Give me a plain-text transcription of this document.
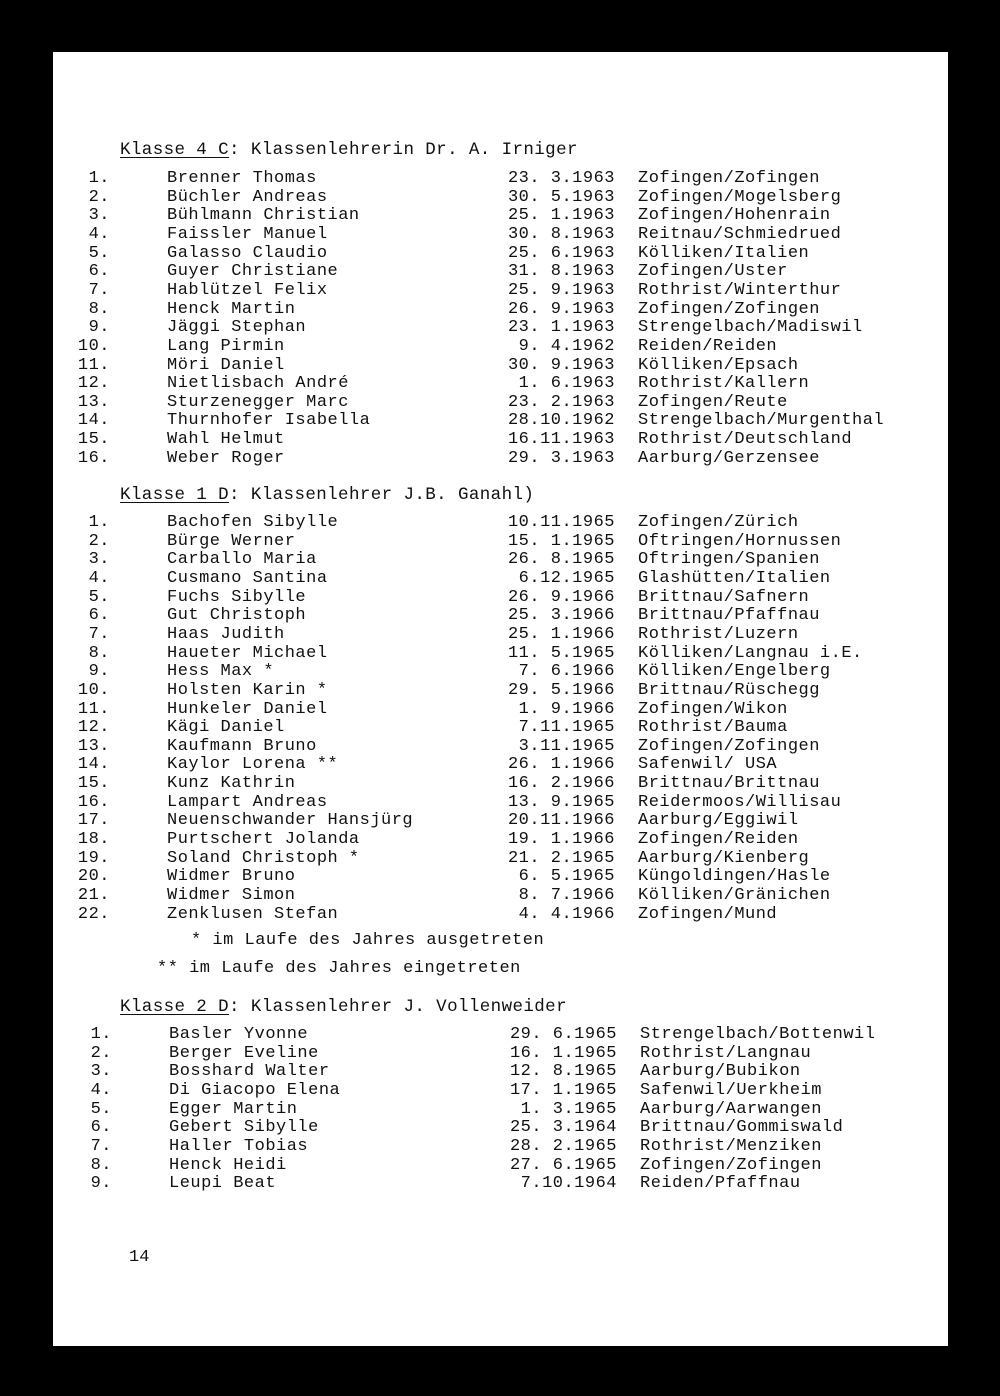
Klasse 4 C: Klassenlehrerin Dr. A. Irniger
1.	Brenner Thomas	23. 3.1963 Zofingen/Zofingen
2.	Büchler Andreas	30. 5.1963 Zofingen/Mogelsberg
3.	Bühlmann Christian	25. 1.1963 Zofingen/Hohenrain
4.	Faissler Manuel	30. 8.1963 Reitnau/Schmiedrued
5.	Galasso Claudio	25. 6.1963 Kölliken/Italien
6.	Guyer Christiane	31. 8.1963 Zofingen/Uster
7.	Hablützel Felix	25. 9.1963 Rothrist/Winterthur
8.	Henck Martin	26. 9.1963 Zofingen/Zofingen
9.	Jäggi Stephan	23. 1.1963 Strengelbach/Madiswil
10.	Lang Pirmin	9. 4.1962 Reiden/Reiden
11.	Möri Daniel	30. 9.1963 Kölliken/Epsach
12.	Nietlisbach André	1. 6.1963 Rothrist/Kallern
13.	Sturzenegger Marc	23. 2.1963 Zofingen/Reute
14.	Thurnhofer Isabella	28.10.1962 Strengelbach/Murgenthal
15.	Wahl Helmut	16.11.1963 Rothrist/Deutschland
16.	Weber Roger	29. 3.1963 Aarburg/Gerzensee
Klasse 1 D: Klassenlehrer J.B. Ganahl)
1.	Bachofen Sibylle	10.11.1965 Zofingen/Zürich
2.	Bürge Werner	15. 1.1965 Oftringen/Hornussen
3.	Carballo Maria	26. 8.1965 Oftringen/Spanien
4.	Cusmano Santina	6.12.1965 Glashütten/Italien
5.	Fuchs Sibylle	26. 9.1966 Brittnau/Safnern
6.	Gut Christoph	25. 3.1966 Brittnau/Pfaffnau
7.	Haas Judith	25. 1.1966 Rothrist/Luzern
8.	Haueter Michael	11. 5.1965 Kölliken/Langnau i.E.
9.	Hess Max *	7. 6.1966 Kölliken/Engelberg
10.	Holsten Karin *	29. 5.1966 Brittnau/Rüschegg
11.	Hunkeler Daniel	1. 9.1966 Zofingen/Wikon
12.	Kägi Daniel	7.11.1965 Rothrist/Bauma
13.	Kaufmann Bruno	3.11.1965 Zofingen/Zofingen
14.	Kaylor Lorena **	26. 1.1966 Safenwil/ USA
15.	Kunz Kathrin	16. 2.1966 Brittnau/Brittnau
16.	Lampart Andreas	13. 9.1965 Reidermoos/Willisau
17.	Neuenschwander Hansjürg	20.11.1966 Aarburg/Eggiwil
18.	Purtschert Jolanda	19. 1.1966 Zofingen/Reiden
19.	Soland Christoph *	21. 2.1965 Aarburg/Kienberg
20.	Widmer Bruno	6. 5.1965 Küngoldingen/Hasle
21.	Widmer Simon	8. 7.1966 Kölliken/Gränichen
22.	Zenklusen Stefan	4. 4.1966 Zofingen/Mund
* im Laufe des Jahres ausgetreten
** im Laufe des Jahres eingetreten
Klasse 2 D: Klassenlehrer J. Vollenweider
1.	Basler Yvonne	29. 6.1965 Strengelbach/Bottenwil
2.	Berger Eveline	16. 1.1965 Rothrist/Langnau
3.	Bosshard Walter	12. 8.1965 Aarburg/Bubikon
4.	Di Giacopo Elena	17. 1.1965 Safenwil/Uerkheim
5.	Egger Martin	1. 3.1965 Aarburg/Aarwangen
6.	Gebert Sibylle	25. 3.1964 Brittnau/Gommiswald
7.	Haller Tobias	28. 2.1965 Rothrist/Menziken
8.	Henck Heidi	27. 6.1965 Zofingen/Zofingen
9.	Leupi Beat	7.10.1964 Reiden/Pfaffnau
14
